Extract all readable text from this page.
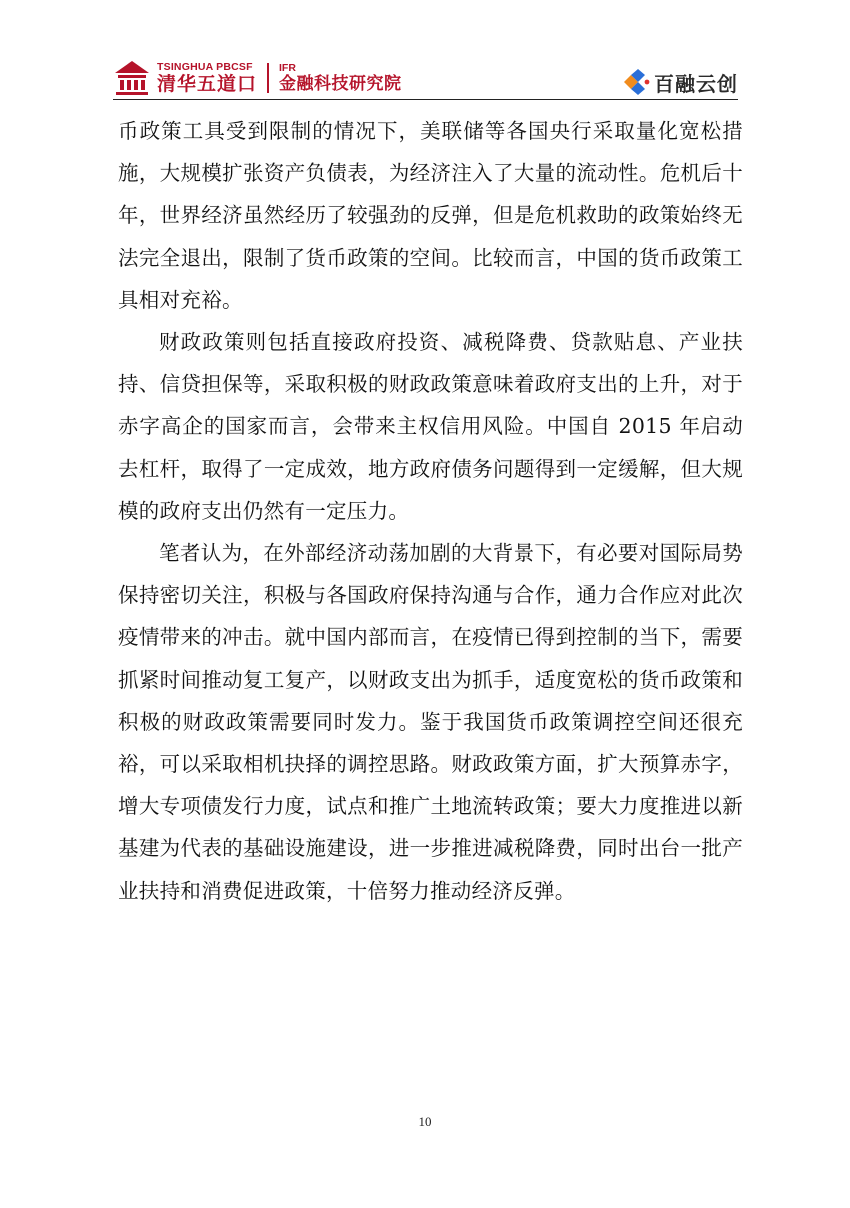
TSINGHUA PBCSF
清华五道口
IFR
金融科技研究院	百融云创

币政策工具受到限制的情况下，美联储等各国央行采取量化宽松措施，大规模扩张资产负债表，为经济注入了大量的流动性。危机后十年，世界经济虽然经历了较强劲的反弹，但是危机救助的政策始终无法完全退出，限制了货币政策的空间。比较而言，中国的货币政策工具相对充裕。

财政政策则包括直接政府投资、减税降费、贷款贴息、产业扶持、信贷担保等，采取积极的财政政策意味着政府支出的上升，对于赤字高企的国家而言，会带来主权信用风险。中国自 2015 年启动去杠杆，取得了一定成效，地方政府债务问题得到一定缓解，但大规模的政府支出仍然有一定压力。

笔者认为，在外部经济动荡加剧的大背景下，有必要对国际局势保持密切关注，积极与各国政府保持沟通与合作，通力合作应对此次疫情带来的冲击。就中国内部而言，在疫情已得到控制的当下，需要抓紧时间推动复工复产，以财政支出为抓手，适度宽松的货币政策和积极的财政政策需要同时发力。鉴于我国货币政策调控空间还很充裕，可以采取相机抉择的调控思路。财政政策方面，扩大预算赤字，增大专项债发行力度，试点和推广土地流转政策；要大力度推进以新基建为代表的基础设施建设，进一步推进减税降费，同时出台一批产业扶持和消费促进政策，十倍努力推动经济反弹。

10
